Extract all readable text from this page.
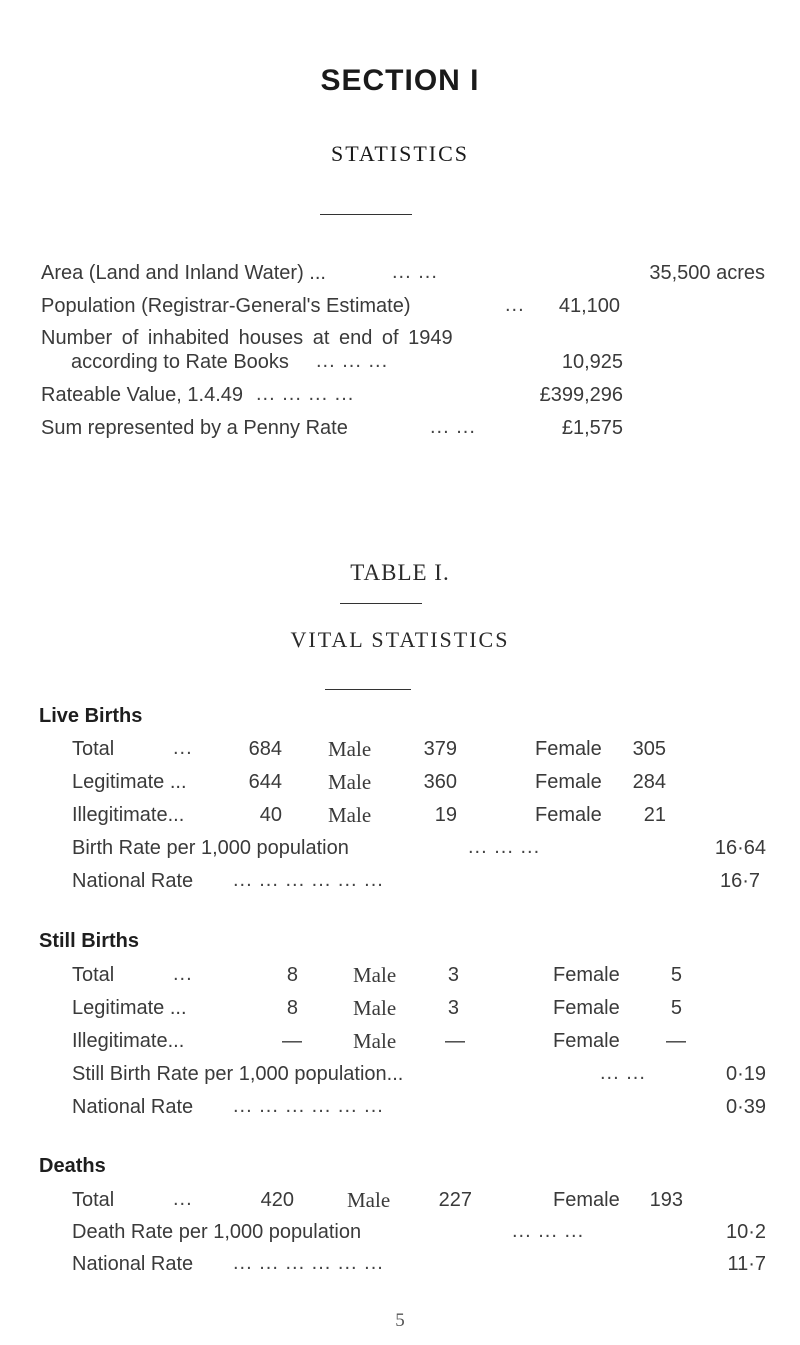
SECTION I
STATISTICS
Area (Land and Inland Water) ...	... ...	35,500 acres
Population (Registrar-General's Estimate)	...	41,100
Number of inhabited houses at end of 1949
according to Rate Books ... ... ...	10,925
Rateable Value, 1.4.49 ... ... ... ...	£399,296
Sum represented by a Penny Rate	... ...	£1,575
TABLE I.
VITAL STATISTICS
Live Births
Total	...	684 Male	379	Female	305
Legitimate ...	644 Male	360	Female	284
Illegitimate...	40 Male	19	Female	21
Birth Rate per 1,000 population	... ... ...	16·64
National Rate ... ... ... ... ... ...	16·7
Still Births
Total	...	8	Male	3	Female	5
Legitimate ...	8	Male	3	Female	5
Illegitimate...	— Male	—	Female	—
Still Birth Rate per 1,000 population...	... ...	0·19
National Rate ... ... ... ... ... ...	0·39
Deaths
Total	...	420	Male	227	Female	193
Death Rate per 1,000 population	... ... ...	10·2
National Rate ... ... ... ... ... ...	11·7
5
